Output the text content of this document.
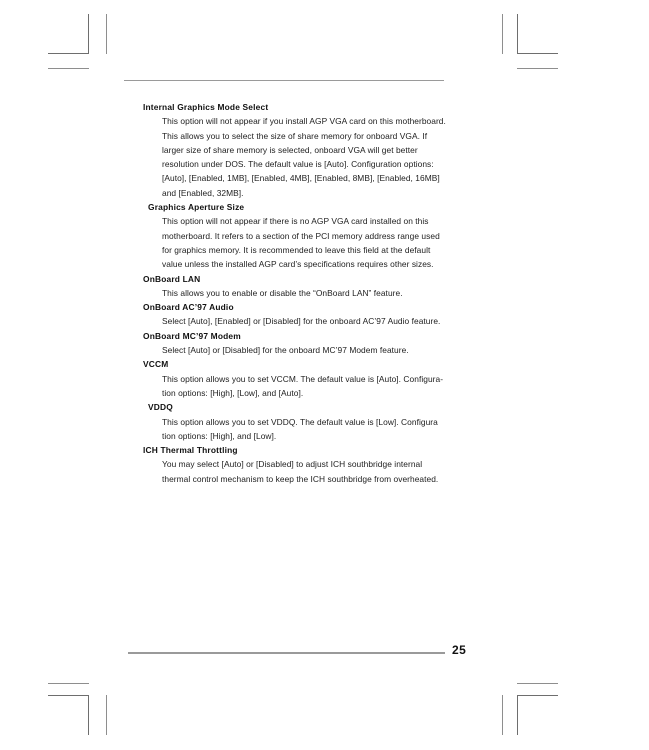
25
Internal Graphics Mode Select
This option will not appear if you install AGP VGA card on this motherboard.
This allows you to select the size of share memory for onboard VGA. If
larger size of share memory is selected, onboard VGA will get better
resolution under DOS. The default value is [Auto]. Configuration options:
[Auto], [Enabled, 1MB], [Enabled, 4MB], [Enabled, 8MB], [Enabled, 16MB]
and [Enabled, 32MB].
Graphics Aperture Size
This option will not appear if there is no AGP VGA card installed on this
motherboard. It refers to a section of the PCI memory address range used
for graphics memory. It is recommended to leave this field at the default
value unless the installed AGP card’s specifications requires other sizes.
OnBoard LAN
This allows you to enable or disable the “OnBoard LAN” feature.
OnBoard AC’97 Audio
Select [Auto], [Enabled] or [Disabled] for the onboard AC’97 Audio feature.
OnBoard MC’97 Modem
Select [Auto] or [Disabled] for the onboard MC’97 Modem feature.
VCCM
This option allows you to set VCCM. The default value is [Auto]. Configura-
tion options: [High], [Low], and [Auto].
VDDQ
This option allows you to set VDDQ. The default value is [Low]. Configura
tion options: [High], and [Low].
ICH Thermal Throttling
You may select [Auto] or [Disabled] to adjust ICH southbridge internal
thermal control mechanism to keep the ICH southbridge from overheated.
